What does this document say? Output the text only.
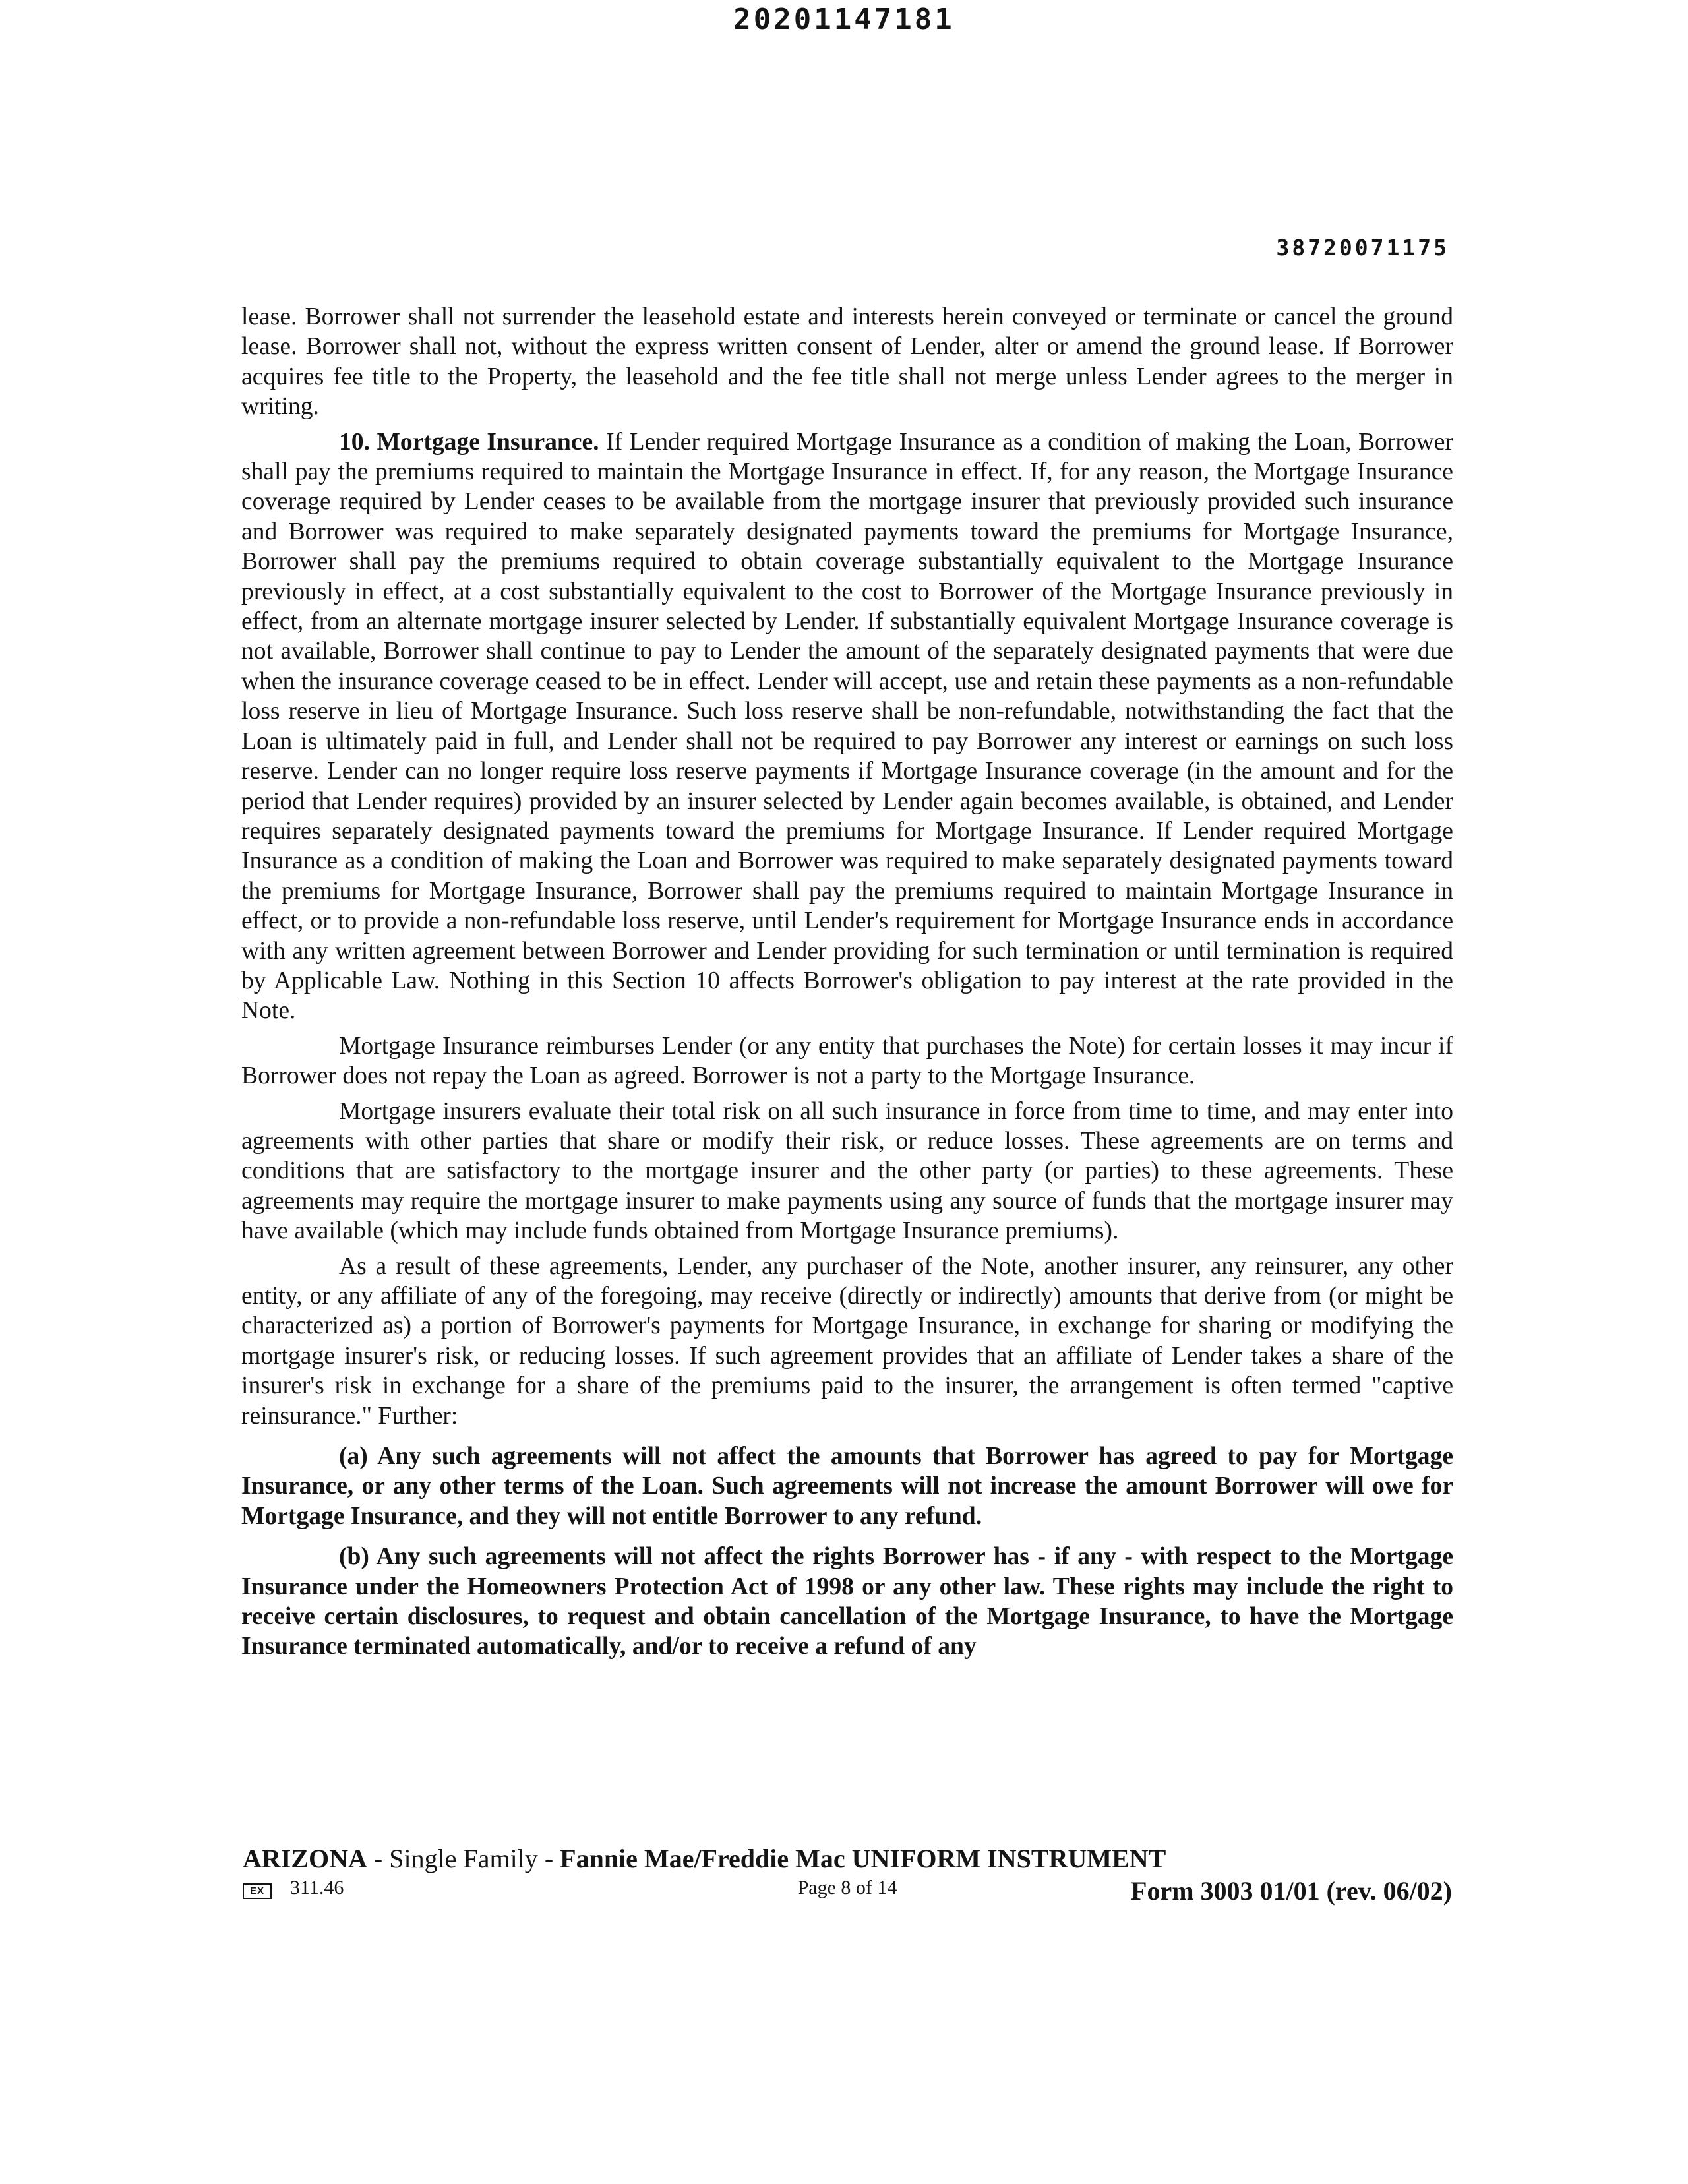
20201147181
38720071175

lease. Borrower shall not surrender the leasehold estate and interests herein conveyed or terminate or cancel the ground lease. Borrower shall not, without the express written consent of Lender, alter or amend the ground lease. If Borrower acquires fee title to the Property, the leasehold and the fee title shall not merge unless Lender agrees to the merger in writing.

10. Mortgage Insurance. If Lender required Mortgage Insurance as a condition of making the Loan, Borrower shall pay the premiums required to maintain the Mortgage Insurance in effect. If, for any reason, the Mortgage Insurance coverage required by Lender ceases to be available from the mortgage insurer that previously provided such insurance and Borrower was required to make separately designated payments toward the premiums for Mortgage Insurance, Borrower shall pay the premiums required to obtain coverage substantially equivalent to the Mortgage Insurance previously in effect, at a cost substantially equivalent to the cost to Borrower of the Mortgage Insurance previously in effect, from an alternate mortgage insurer selected by Lender. If substantially equivalent Mortgage Insurance coverage is not available, Borrower shall continue to pay to Lender the amount of the separately designated payments that were due when the insurance coverage ceased to be in effect. Lender will accept, use and retain these payments as a non-refundable loss reserve in lieu of Mortgage Insurance. Such loss reserve shall be non-refundable, notwithstanding the fact that the Loan is ultimately paid in full, and Lender shall not be required to pay Borrower any interest or earnings on such loss reserve. Lender can no longer require loss reserve payments if Mortgage Insurance coverage (in the amount and for the period that Lender requires) provided by an insurer selected by Lender again becomes available, is obtained, and Lender requires separately designated payments toward the premiums for Mortgage Insurance. If Lender required Mortgage Insurance as a condition of making the Loan and Borrower was required to make separately designated payments toward the premiums for Mortgage Insurance, Borrower shall pay the premiums required to maintain Mortgage Insurance in effect, or to provide a non-refundable loss reserve, until Lender's requirement for Mortgage Insurance ends in accordance with any written agreement between Borrower and Lender providing for such termination or until termination is required by Applicable Law. Nothing in this Section 10 affects Borrower's obligation to pay interest at the rate provided in the Note.

Mortgage Insurance reimburses Lender (or any entity that purchases the Note) for certain losses it may incur if Borrower does not repay the Loan as agreed. Borrower is not a party to the Mortgage Insurance.

Mortgage insurers evaluate their total risk on all such insurance in force from time to time, and may enter into agreements with other parties that share or modify their risk, or reduce losses. These agreements are on terms and conditions that are satisfactory to the mortgage insurer and the other party (or parties) to these agreements. These agreements may require the mortgage insurer to make payments using any source of funds that the mortgage insurer may have available (which may include funds obtained from Mortgage Insurance premiums).

As a result of these agreements, Lender, any purchaser of the Note, another insurer, any reinsurer, any other entity, or any affiliate of any of the foregoing, may receive (directly or indirectly) amounts that derive from (or might be characterized as) a portion of Borrower's payments for Mortgage Insurance, in exchange for sharing or modifying the mortgage insurer's risk, or reducing losses. If such agreement provides that an affiliate of Lender takes a share of the insurer's risk in exchange for a share of the premiums paid to the insurer, the arrangement is often termed "captive reinsurance." Further:

(a) Any such agreements will not affect the amounts that Borrower has agreed to pay for Mortgage Insurance, or any other terms of the Loan. Such agreements will not increase the amount Borrower will owe for Mortgage Insurance, and they will not entitle Borrower to any refund.

(b) Any such agreements will not affect the rights Borrower has - if any - with respect to the Mortgage Insurance under the Homeowners Protection Act of 1998 or any other law. These rights may include the right to receive certain disclosures, to request and obtain cancellation of the Mortgage Insurance, to have the Mortgage Insurance terminated automatically, and/or to receive a refund of any

ARIZONA - Single Family - Fannie Mae/Freddie Mac UNIFORM INSTRUMENT
EX	311.46	Page 8 of 14	Form 3003 01/01 (rev. 06/02)
